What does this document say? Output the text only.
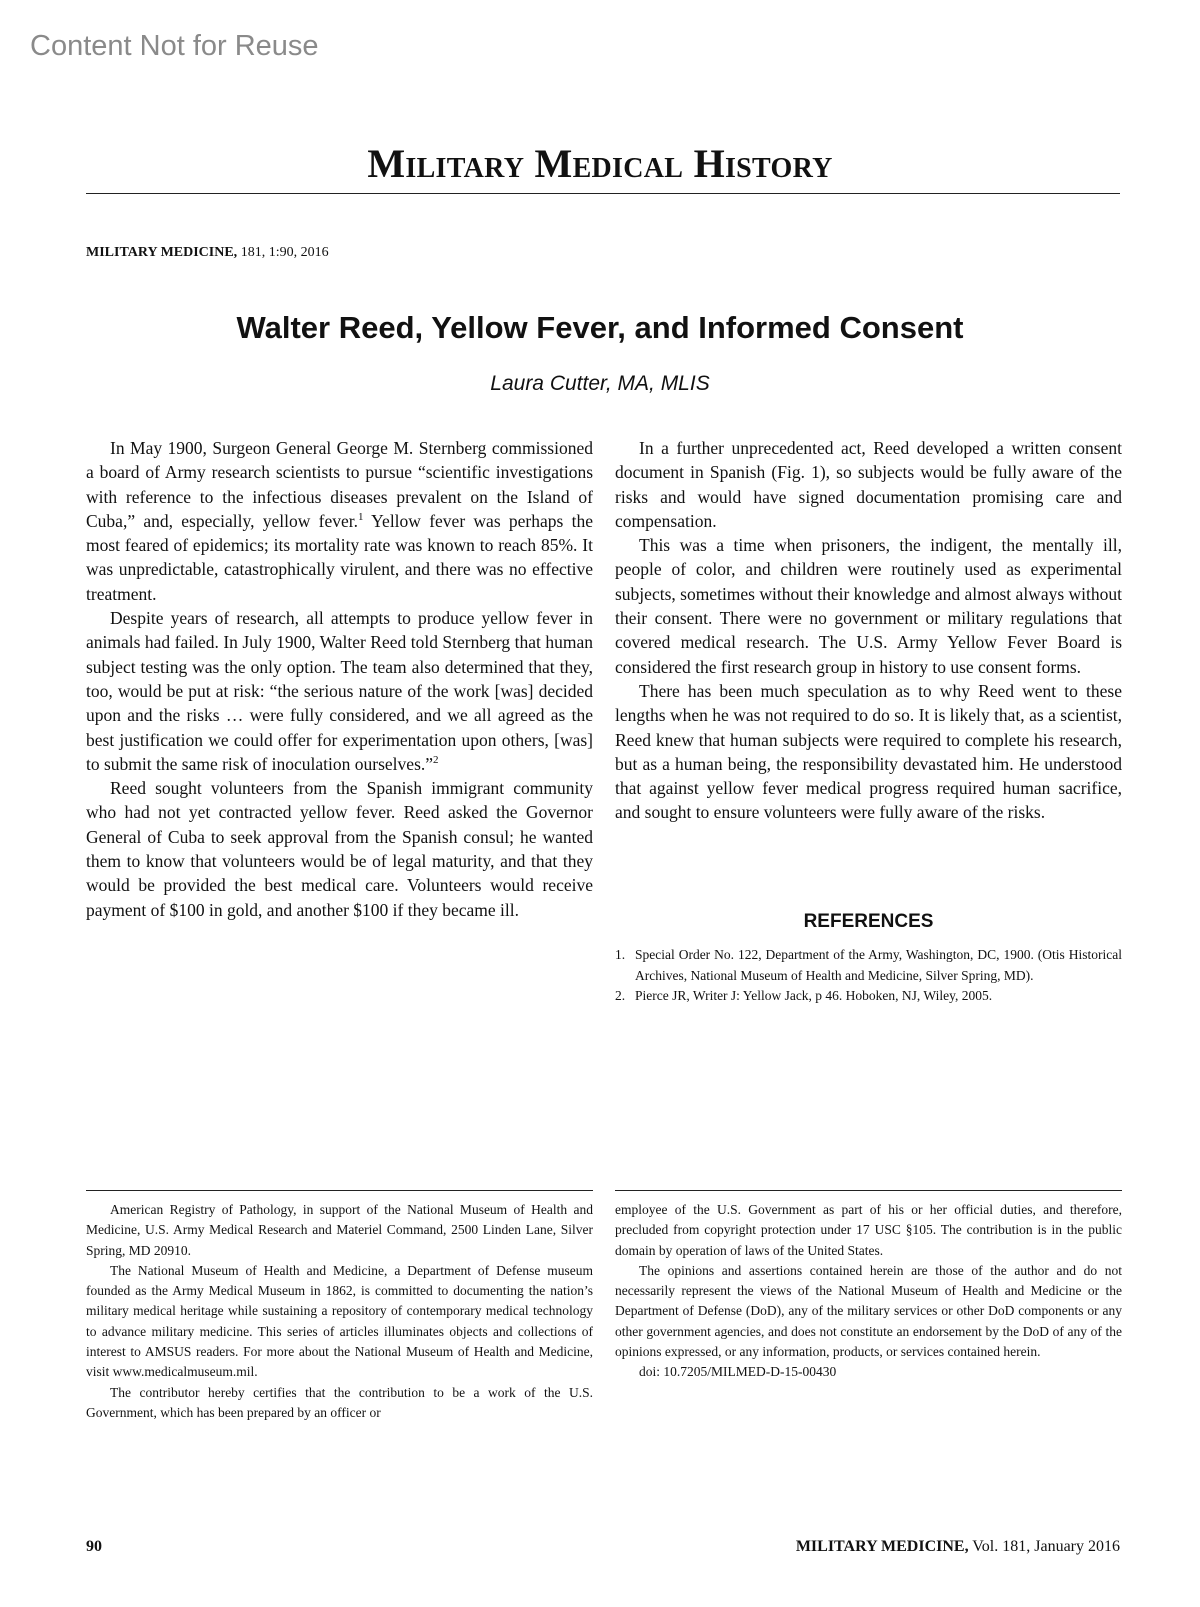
Content Not for Reuse
Military Medical History
MILITARY MEDICINE, 181, 1:90, 2016
Walter Reed, Yellow Fever, and Informed Consent
Laura Cutter, MA, MLIS

In May 1900, Surgeon General George M. Sternberg commissioned a board of Army research scientists to pursue “scientific investigations with reference to the infectious diseases prevalent on the Island of Cuba,” and, especially, yellow fever.$^1$ Yellow fever was perhaps the most feared of epidemics; its mortality rate was known to reach 85%. It was unpredictable, catastrophically virulent, and there was no effective treatment.

Despite years of research, all attempts to produce yellow fever in animals had failed. In July 1900, Walter Reed told Sternberg that human subject testing was the only option. The team also determined that they, too, would be put at risk: “the serious nature of the work [was] decided upon and the risks … were fully considered, and we all agreed as the best justification we could offer for experimentation upon others, [was] to submit the same risk of inoculation ourselves.”$^2$

Reed sought volunteers from the Spanish immigrant community who had not yet contracted yellow fever. Reed asked the Governor General of Cuba to seek approval from the Spanish consul; he wanted them to know that volunteers would be of legal maturity, and that they would be provided the best medical care. Volunteers would receive payment of $100 in gold, and another $100 if they became ill.

In a further unprecedented act, Reed developed a written consent document in Spanish (Fig. 1), so subjects would be fully aware of the risks and would have signed documentation promising care and compensation.

This was a time when prisoners, the indigent, the mentally ill, people of color, and children were routinely used as experimental subjects, sometimes without their knowledge and almost always without their consent. There were no government or military regulations that covered medical research. The U.S. Army Yellow Fever Board is considered the first research group in history to use consent forms.

There has been much speculation as to why Reed went to these lengths when he was not required to do so. It is likely that, as a scientist, Reed knew that human subjects were required to complete his research, but as a human being, the responsibility devastated him. He understood that against yellow fever medical progress required human sacrifice, and sought to ensure volunteers were fully aware of the risks.

REFERENCES
1. Special Order No. 122, Department of the Army, Washington, DC, 1900. (Otis Historical Archives, National Museum of Health and Medicine, Silver Spring, MD).
2. Pierce JR, Writer J: Yellow Jack, p 46. Hoboken, NJ, Wiley, 2005.

American Registry of Pathology, in support of the National Museum of Health and Medicine, U.S. Army Medical Research and Materiel Command, 2500 Linden Lane, Silver Spring, MD 20910.

The National Museum of Health and Medicine, a Department of Defense museum founded as the Army Medical Museum in 1862, is committed to documenting the nation’s military medical heritage while sustaining a repository of contemporary medical technology to advance military medicine. This series of articles illuminates objects and collections of interest to AMSUS readers. For more about the National Museum of Health and Medicine, visit www.medicalmuseum.mil.

The contributor hereby certifies that the contribution to be a work of the U.S. Government, which has been prepared by an officer or

employee of the U.S. Government as part of his or her official duties, and therefore, precluded from copyright protection under 17 USC §105. The contribution is in the public domain by operation of laws of the United States.

The opinions and assertions contained herein are those of the author and do not necessarily represent the views of the National Museum of Health and Medicine or the Department of Defense (DoD), any of the military services or other DoD components or any other government agencies, and does not constitute an endorsement by the DoD of any of the opinions expressed, or any information, products, or services contained herein.

doi: 10.7205/MILMED-D-15-00430

90	MILITARY MEDICINE, Vol. 181, January 2016
